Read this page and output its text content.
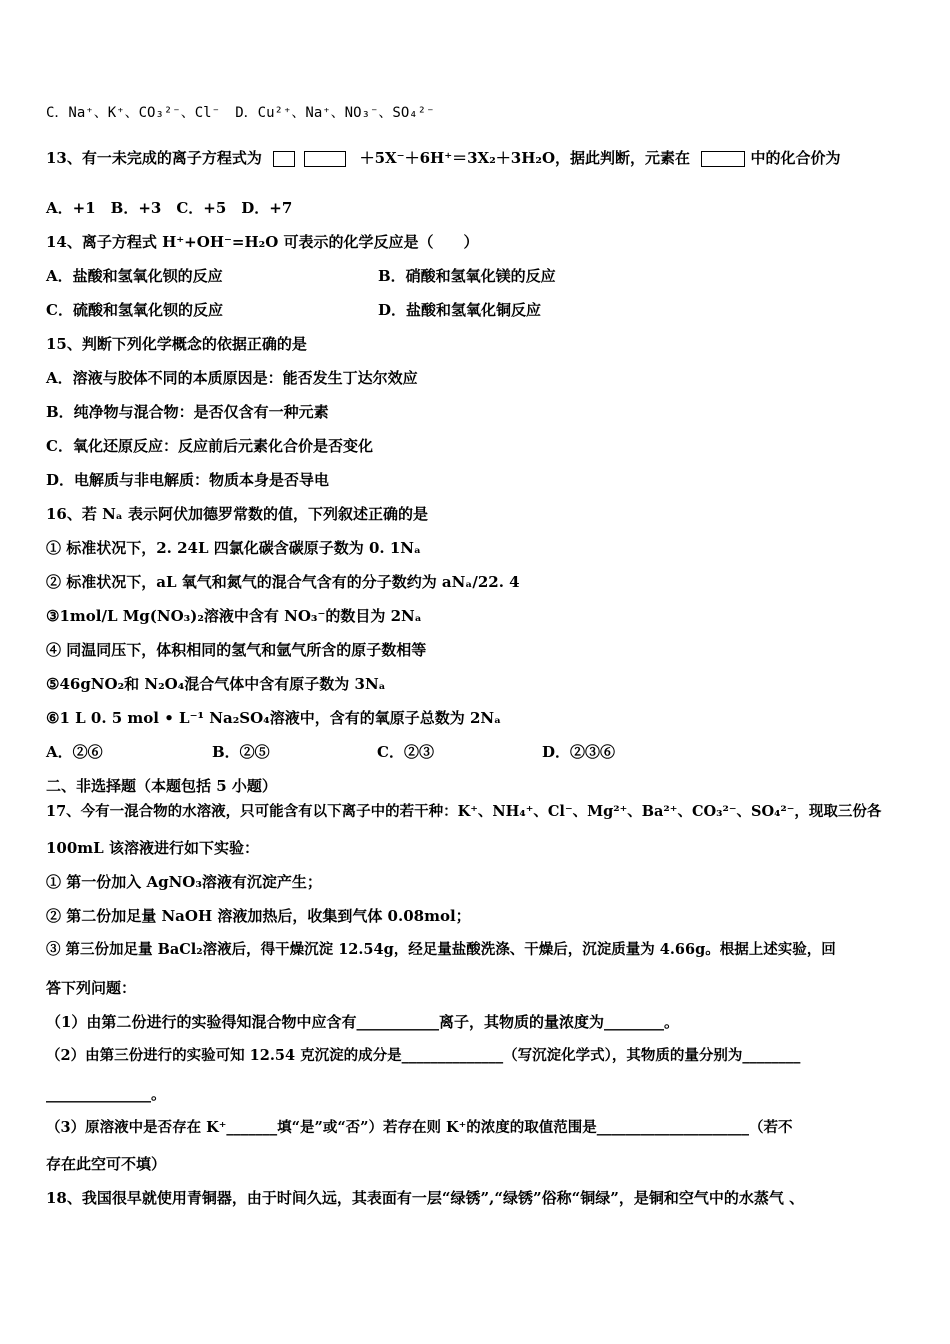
C．Na⁺、K⁺、CO₃²⁻、Cl⁻ D．Cu²⁺、Na⁺、NO₃⁻、SO₄²⁻
13、有一未完成的离子方程式为	＋5X⁻＋6H⁺＝3X₂＋3H₂O，据此判断，元素在	中的化合价为
A．+1　B．+3　C．+5　D．+7
14、离子方程式 H⁺+OH⁻=H₂O 可表示的化学反应是（　　）
A．盐酸和氢氧化钡的反应	B．硝酸和氢氧化镁的反应
C．硫酸和氢氧化钡的反应	D．盐酸和氢氧化铜反应
15、判断下列化学概念的依据正确的是
A．溶液与胶体不同的本质原因是：能否发生丁达尔效应
B．纯净物与混合物：是否仅含有一种元素
C．氧化还原反应：反应前后元素化合价是否变化
D．电解质与非电解质：物质本身是否导电
16、若 Nₐ 表示阿伏加德罗常数的值，下列叙述正确的是
① 标准状况下，2. 24L 四氯化碳含碳原子数为 0. 1Nₐ
② 标准状况下，aL 氧气和氮气的混合气含有的分子数约为 aNₐ/22. 4
③1mol/L Mg(NO₃)₂溶液中含有 NO₃⁻的数目为 2Nₐ
④ 同温同压下，体积相同的氢气和氩气所含的原子数相等
⑤46gNO₂和 N₂O₄混合气体中含有原子数为 3Nₐ
⑥1 L 0. 5 mol • L⁻¹ Na₂SO₄溶液中，含有的氧原子总数为 2Nₐ
A．②⑥	B．②⑤	C．②③	D．②③⑥
二、非选择题（本题包括 5 小题）
17、今有一混合物的水溶液，只可能含有以下离子中的若干种：K⁺、NH₄⁺、Cl⁻、Mg²⁺、Ba²⁺、CO₃²⁻、SO₄²⁻，现取三份各
100mL 该溶液进行如下实验：
① 第一份加入 AgNO₃溶液有沉淀产生；
② 第二份加足量 NaOH 溶液加热后，收集到气体 0.08mol；
③ 第三份加足量 BaCl₂溶液后，得干燥沉淀 12.54g，经足量盐酸洗涤、干燥后，沉淀质量为 4.66g。根据上述实验，回
答下列问题：
（1）由第二份进行的实验得知混合物中应含有___________离子，其物质的量浓度为________。
（2）由第三份进行的实验可知 12.54 克沉淀的成分是______________（写沉淀化学式），其物质的量分别为________
______________。
（3）原溶液中是否存在 K⁺_______填“是”或“否”）若存在则 K⁺的浓度的取值范围是_____________________（若不
存在此空可不填）
18、我国很早就使用青铜器，由于时间久远，其表面有一层“绿锈”,“绿锈”俗称“铜绿”，是铜和空气中的水蒸气 、
